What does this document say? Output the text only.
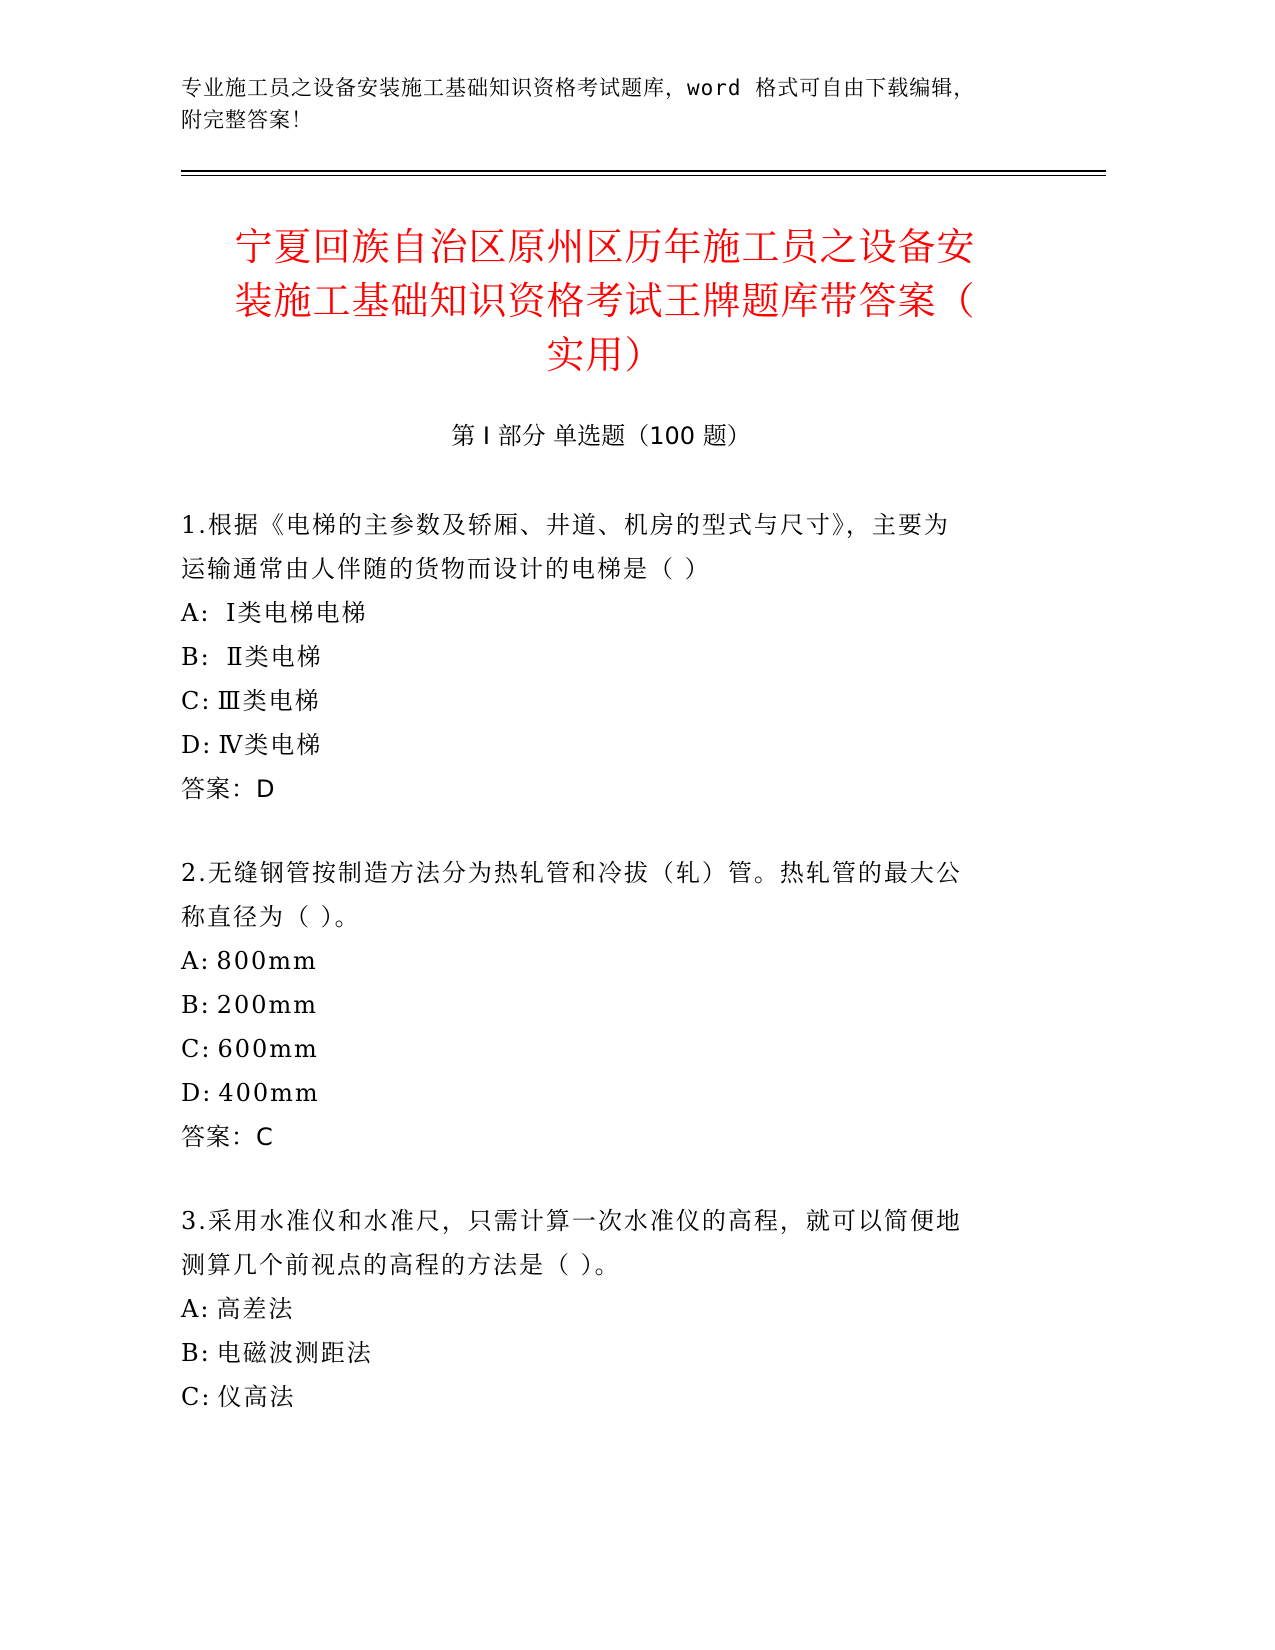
专业施工员之设备安装施工基础知识资格考试题库，word 格式可自由下载编辑，
附完整答案！
宁夏回族自治区原州区历年施工员之设备安
装施工基础知识资格考试王牌题库带答案（
实用）
第 I 部分 单选题（100 题）

1.根据《电梯的主参数及轿厢、井道、机房的型式与尺寸》，主要为
运输通常由人伴随的货物而设计的电梯是（ ）

A: Ⅰ类电梯电梯

B: Ⅱ类电梯

C: Ⅲ类电梯

D: Ⅳ类电梯

答案：D

2.无缝钢管按制造方法分为热轧管和冷拔（轧）管。热轧管的最大公
称直径为（ ）。

A: 800mm

B: 200mm

C: 600mm

D: 400mm

答案：C

3.采用水准仪和水准尺，只需计算一次水准仪的高程，就可以简便地
测算几个前视点的高程的方法是（ ）。

A: 高差法

B: 电磁波测距法

C: 仪高法
